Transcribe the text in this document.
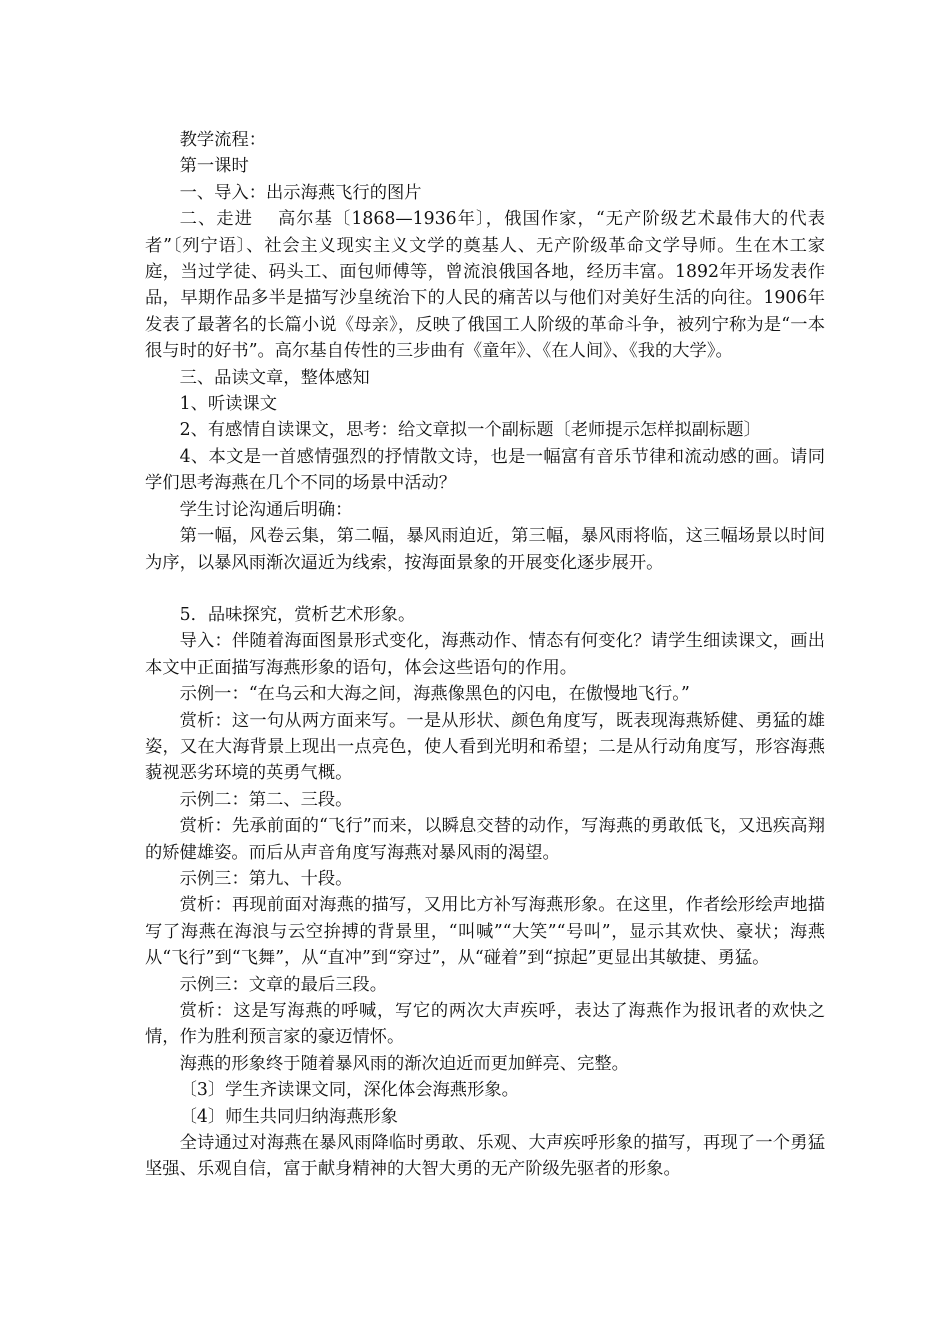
教学流程：

第一课时

一、导入：出示海燕飞行的图片

二、走进　 高尔基〔1868—1936年〕，俄国作家，“无产阶级艺术最伟大的代表者”〔列宁语〕、社会主义现实主义文学的奠基人、无产阶级革命文学导师。生在木工家庭，当过学徒、码头工、面包师傅等，曾流浪俄国各地，经历丰富。1892年开场发表作品，早期作品多半是描写沙皇统治下的人民的痛苦以与他们对美好生活的向往。1906年发表了最著名的长篇小说《母亲》，反映了俄国工人阶级的革命斗争，被列宁称为是“一本很与时的好书”。高尔基自传性的三步曲有《童年》、《在人间》、《我的大学》。

三、品读文章，整体感知

1、听读课文

2、有感情自读课文，思考：给文章拟一个副标题〔老师提示怎样拟副标题〕

4、本文是一首感情强烈的抒情散文诗，也是一幅富有音乐节律和流动感的画。请同学们思考海燕在几个不同的场景中活动？

学生讨论沟通后明确：

第一幅，风卷云集，第二幅，暴风雨迫近，第三幅，暴风雨将临，这三幅场景以时间为序，以暴风雨渐次逼近为线索，按海面景象的开展变化逐步展开。

5．品味探究，赏析艺术形象。

导入：伴随着海面图景形式变化，海燕动作、情态有何变化？请学生细读课文，画出本文中正面描写海燕形象的语句，体会这些语句的作用。

示例一：“在乌云和大海之间，海燕像黑色的闪电，在傲慢地飞行。”

赏析：这一句从两方面来写。一是从形状、颜色角度写，既表现海燕矫健、勇猛的雄姿，又在大海背景上现出一点亮色，使人看到光明和希望；二是从行动角度写，形容海燕藐视恶劣环境的英勇气概。

示例二：第二、三段。

赏析：先承前面的“飞行”而来，以瞬息交替的动作，写海燕的勇敢低飞，又迅疾高翔的矫健雄姿。而后从声音角度写海燕对暴风雨的渴望。

示例三：第九、十段。

赏析：再现前面对海燕的描写，又用比方补写海燕形象。在这里，作者绘形绘声地描写了海燕在海浪与云空拚搏的背景里，“叫喊”“大笑”“号叫”，显示其欢快、豪状；海燕从“飞行”到“飞舞”，从“直冲”到“穿过”，从“碰着”到“掠起”更显出其敏捷、勇猛。

示例三：文章的最后三段。

赏析：这是写海燕的呼喊，写它的两次大声疾呼，表达了海燕作为报讯者的欢快之情，作为胜利预言家的豪迈情怀。

海燕的形象终于随着暴风雨的渐次迫近而更加鲜亮、完整。

〔3〕学生齐读课文同，深化体会海燕形象。

〔4〕师生共同归纳海燕形象

全诗通过对海燕在暴风雨降临时勇敢、乐观、大声疾呼形象的描写，再现了一个勇猛坚强、乐观自信，富于献身精神的大智大勇的无产阶级先驱者的形象。
